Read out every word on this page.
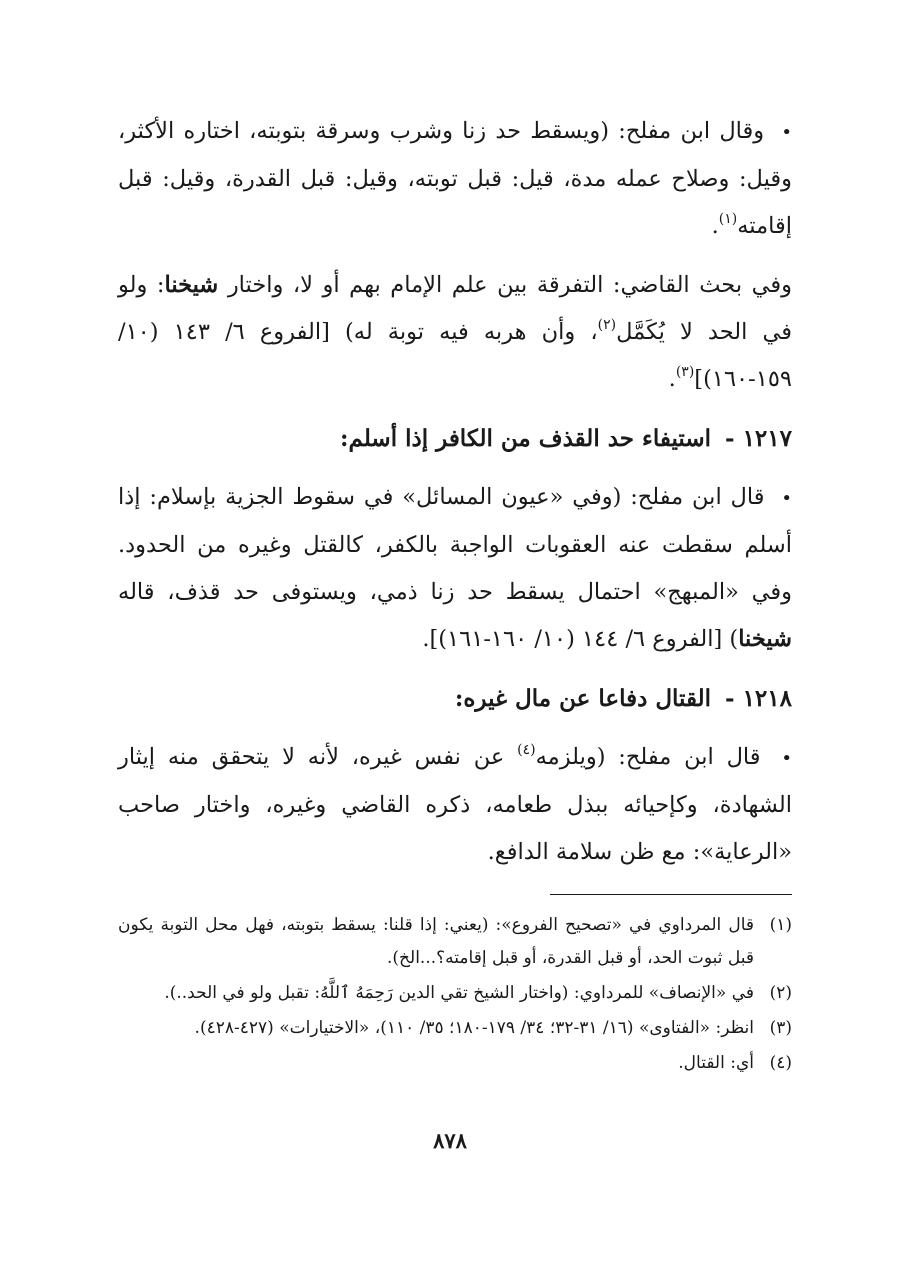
• وقال ابن مفلح: (ويسقط حد زنا وشرب وسرقة بتوبته، اختاره الأكثر، وقيل: وصلاح عمله مدة، قيل: قبل توبته، وقيل: قبل القدرة، وقيل: قبل إقامته$^{(١)}$.

وفي بحث القاضي: التفرقة بين علم الإمام بهم أو لا، واختار شيخنا: ولو في الحد لا يُكَمَّل$^{(٢)}$، وأن هربه فيه توبة له) [الفروع ٦/ ١٤٣ (١٠/ ١٥٩-١٦٠)]$^{(٣)}$.

١٢١٧ -استيفاء حد القذف من الكافر إذا أسلم:

• قال ابن مفلح: (وفي «عيون المسائل» في سقوط الجزية بإسلام: إذا أسلم سقطت عنه العقوبات الواجبة بالكفر، كالقتل وغيره من الحدود. وفي «المبهج» احتمال يسقط حد زنا ذمي، ويستوفى حد قذف، قاله شيخنا) [الفروع ٦/ ١٤٤ (١٠/ ١٦٠-١٦١)].

١٢١٨ -القتال دفاعا عن مال غيره:

• قال ابن مفلح: (ويلزمه$^{(٤)}$ عن نفس غيره، لأنه لا يتحقق منه إيثار الشهادة، وكإحيائه ببذل طعامه، ذكره القاضي وغيره، واختار صاحب «الرعاية»: مع ظن سلامة الدافع.

(١)
قال المرداوي في «تصحيح الفروع»: (يعني: إذا قلنا: يسقط بتوبته، فهل محل التوبة يكون قبل ثبوت الحد، أو قبل القدرة، أو قبل إقامته؟...الخ).
(٢)
في «الإنصاف» للمرداوي: (واختار الشيخ تقي الدين رَحِمَهُ ٱللَّهُ: تقبل ولو في الحد..).
(٣)
انظر: «الفتاوى» (١٦/ ٣١-٣٢؛ ٣٤/ ١٧٩-١٨٠؛ ٣٥/ ١١٠)، «الاختيارات» (٤٢٧-٤٢٨).
(٤)
أي: القتال.
٨٧٨
